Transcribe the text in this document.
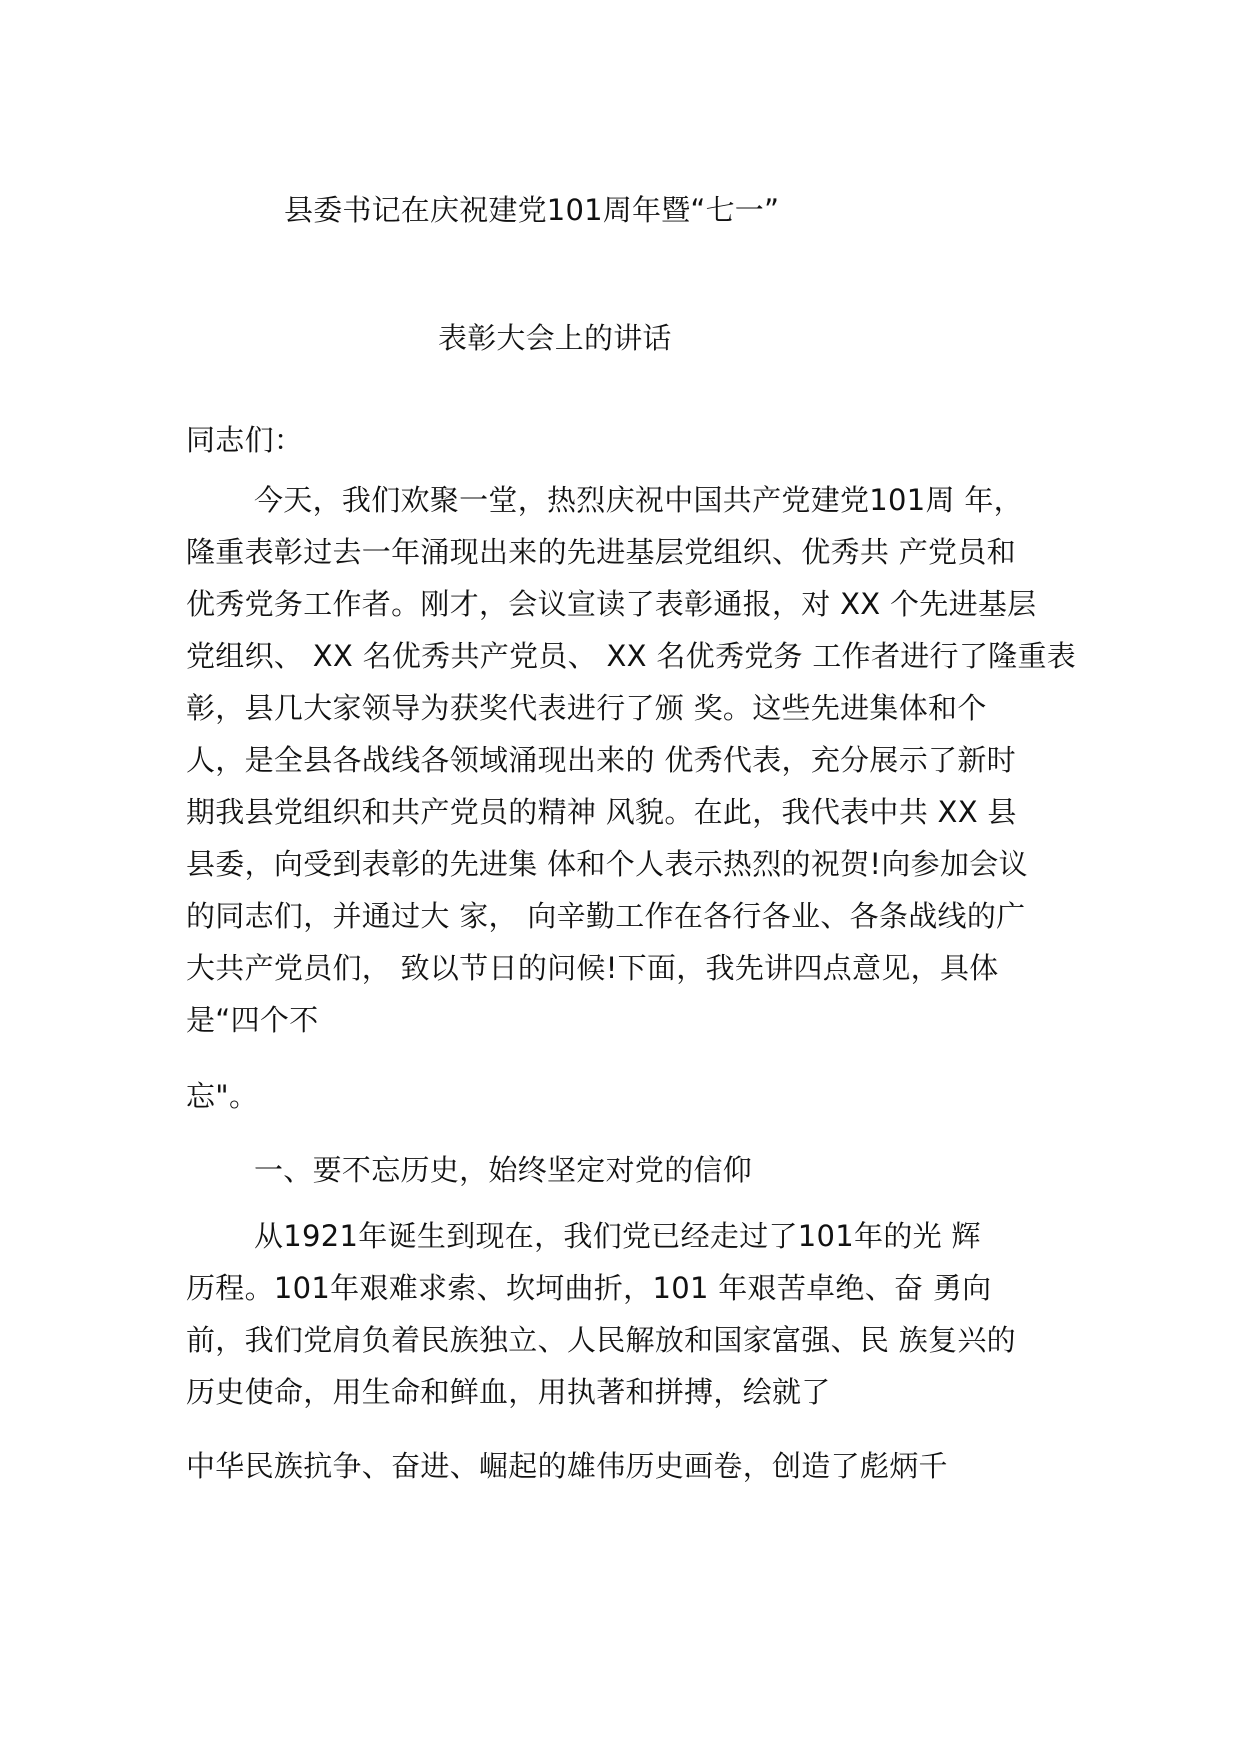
县委书记在庆祝建党101周年暨“七一”
表彰大会上的讲话
同志们：
今天，我们欢聚一堂，热烈庆祝中国共产党建党101周 年，
隆重表彰过去一年涌现出来的先进基层党组织、优秀共 产党员和
优秀党务工作者。刚才，会议宣读了表彰通报，对 XX 个先进基层
党组织、 XX 名优秀共产党员、 XX 名优秀党务 工作者进行了隆重表
彰，县几大家领导为获奖代表进行了颁 奖。这些先进集体和个
人，是全县各战线各领域涌现出来的 优秀代表，充分展示了新时
期我县党组织和共产党员的精神 风貌。在此，我代表中共 XX 县
县委，向受到表彰的先进集 体和个人表示热烈的祝贺!向参加会议
的同志们，并通过大 家， 向辛勤工作在各行各业、各条战线的广
大共产党员们， 致以节日的问候!下面，我先讲四点意见，具体
是“四个不
忘"。
一、要不忘历史，始终坚定对党的信仰
从1921年诞生到现在，我们党已经走过了101年的光 辉
历程。101年艰难求索、坎坷曲折，101 年艰苦卓绝、奋 勇向
前，我们党肩负着民族独立、人民解放和国家富强、民 族复兴的
历史使命，用生命和鲜血，用执著和拼搏，绘就了
中华民族抗争、奋进、崛起的雄伟历史画卷，创造了彪炳千
